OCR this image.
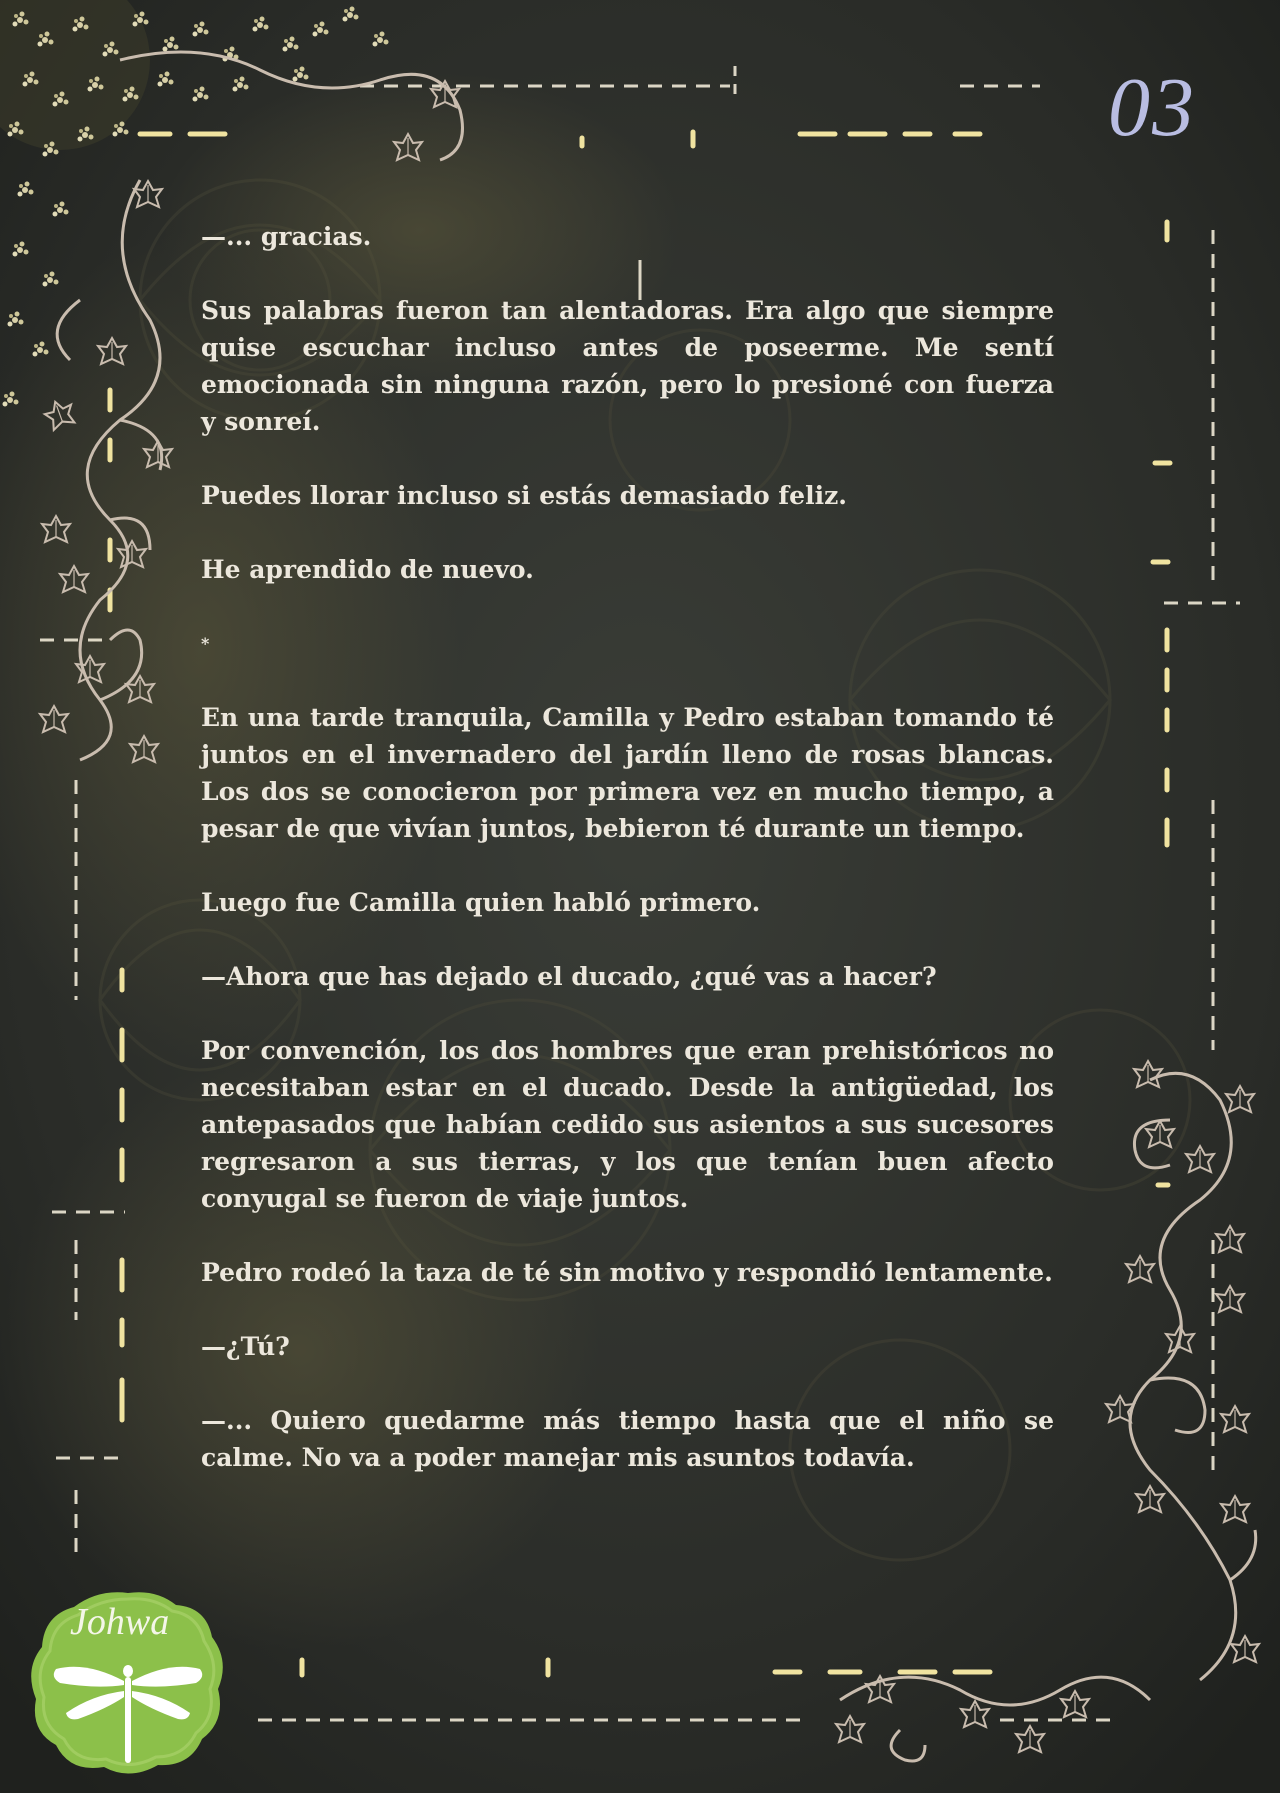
03

—... gracias.

Sus palabras fueron tan alentadoras. Era algo que siempre quise escuchar incluso antes de poseerme. Me sentí emocionada sin ninguna razón, pero lo presioné con fuerza y sonreí.

Puedes llorar incluso si estás demasiado feliz.

He aprendido de nuevo.

*

En una tarde tranquila, Camilla y Pedro estaban tomando té juntos en el invernadero del jardín lleno de rosas blancas. Los dos se conocieron por primera vez en mucho tiempo, a pesar de que vivían juntos, bebieron té durante un tiempo.

Luego fue Camilla quien habló primero.

—Ahora que has dejado el ducado, ¿qué vas a hacer?

Por convención, los dos hombres que eran prehistóricos no necesitaban estar en el ducado. Desde la antigüedad, los antepasados que habían cedido sus asientos a sus sucesores regresaron a sus tierras, y los que tenían buen afecto conyugal se fueron de viaje juntos.

Pedro rodeó la taza de té sin motivo y respondió lentamente.

—¿Tú?

—... Quiero quedarme más tiempo hasta que el niño se calme. No va a poder manejar mis asuntos todavía.

Johwa
